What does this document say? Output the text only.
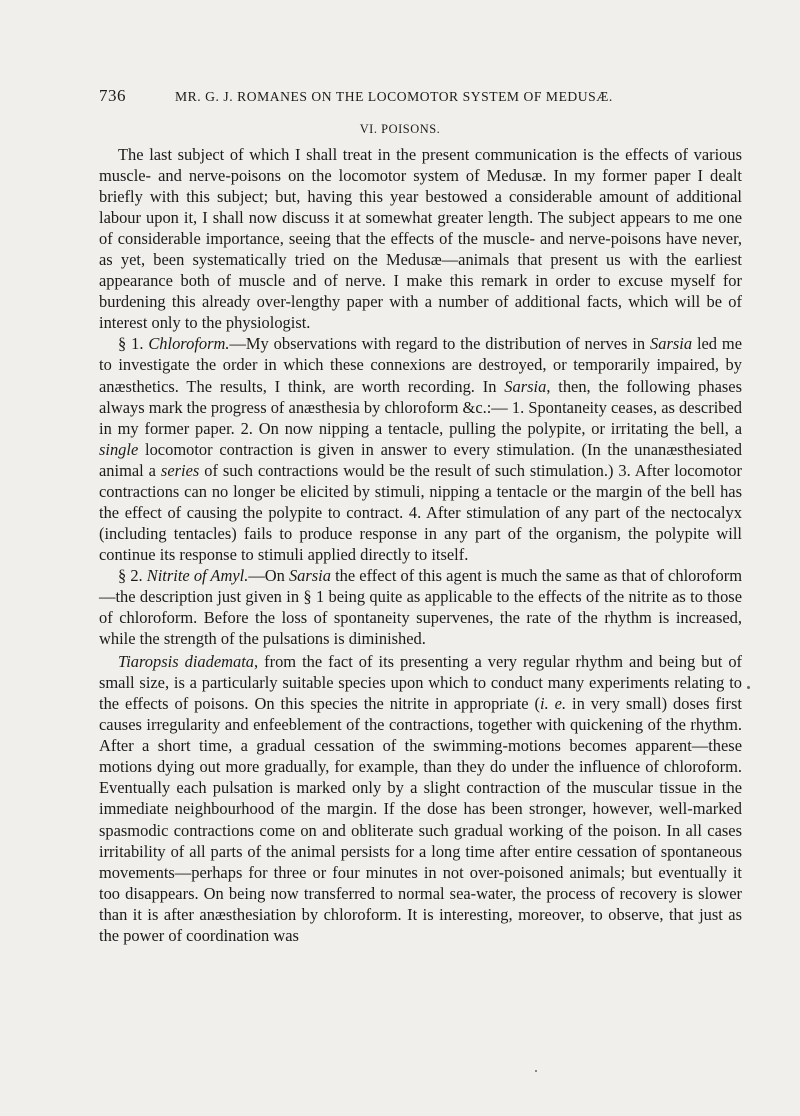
736	MR. G. J. ROMANES ON THE LOCOMOTOR SYSTEM OF MEDUSÆ.
VI. POISONS.

The last subject of which I shall treat in the present communication is the effects of various muscle- and nerve-poisons on the locomotor system of Medusæ. In my former paper I dealt briefly with this subject; but, having this year bestowed a considerable amount of additional labour upon it, I shall now discuss it at somewhat greater length. The subject appears to me one of considerable importance, seeing that the effects of the muscle- and nerve-poisons have never, as yet, been systematically tried on the Medusæ—animals that present us with the earliest appearance both of muscle and of nerve. I make this remark in order to excuse myself for burdening this already over-lengthy paper with a number of additional facts, which will be of interest only to the physiologist.

§ 1. Chloroform.—My observations with regard to the distribution of nerves in Sarsia led me to investigate the order in which these connexions are destroyed, or temporarily impaired, by anæsthetics. The results, I think, are worth recording. In Sarsia, then, the following phases always mark the progress of anæsthesia by chloroform &c.:— 1. Spontaneity ceases, as described in my former paper. 2. On now nipping a tentacle, pulling the polypite, or irritating the bell, a single locomotor contraction is given in answer to every stimulation. (In the unanæsthesiated animal a series of such contractions would be the result of such stimulation.) 3. After locomotor contractions can no longer be elicited by stimuli, nipping a tentacle or the margin of the bell has the effect of causing the polypite to contract. 4. After stimulation of any part of the nectocalyx (including tentacles) fails to produce response in any part of the organism, the polypite will continue its response to stimuli applied directly to itself.

§ 2. Nitrite of Amyl.—On Sarsia the effect of this agent is much the same as that of chloroform—the description just given in § 1 being quite as applicable to the effects of the nitrite as to those of chloroform. Before the loss of spontaneity supervenes, the rate of the rhythm is increased, while the strength of the pulsations is diminished.

Tiaropsis diademata, from the fact of its presenting a very regular rhythm and being but of small size, is a particularly suitable species upon which to conduct many experiments relating to the effects of poisons. On this species the nitrite in appropriate (i. e. in very small) doses first causes irregularity and enfeeblement of the contractions, together with quickening of the rhythm. After a short time, a gradual cessation of the swimming-motions becomes apparent—these motions dying out more gradually, for example, than they do under the influence of chloroform. Eventually each pulsation is marked only by a slight contraction of the muscular tissue in the immediate neighbourhood of the margin. If the dose has been stronger, however, well-marked spasmodic contractions come on and obliterate such gradual working of the poison. In all cases irritability of all parts of the animal persists for a long time after entire cessation of spontaneous movements—perhaps for three or four minutes in not over-poisoned animals; but eventually it too disappears. On being now transferred to normal sea-water, the process of recovery is slower than it is after anæsthesiation by chloroform. It is interesting, moreover, to observe, that just as the power of coordination was
